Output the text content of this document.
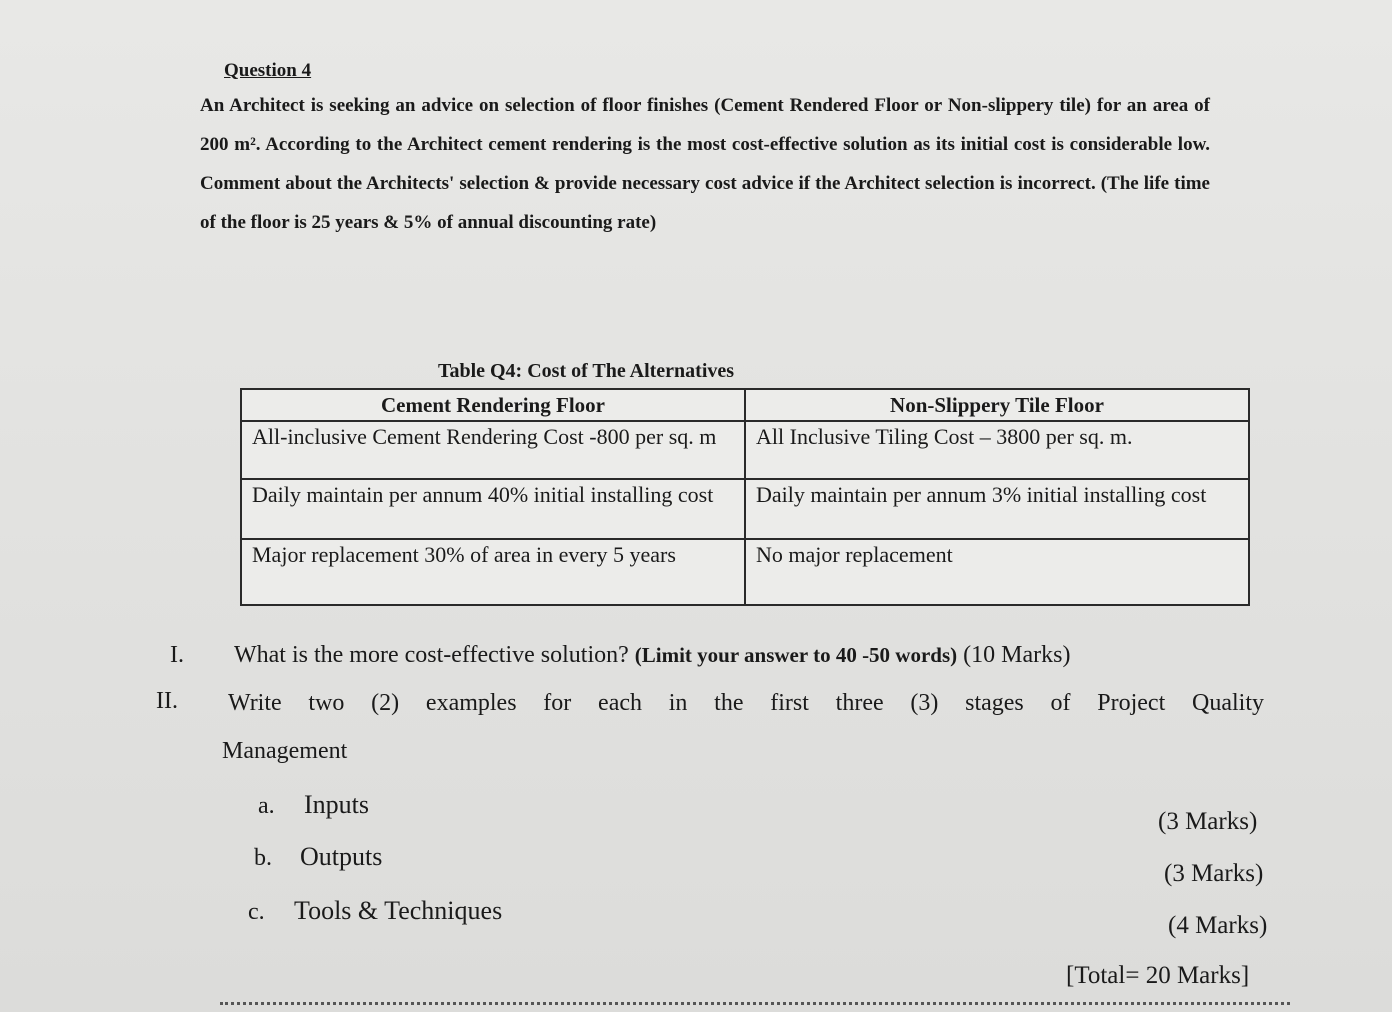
Question 4
An Architect is seeking an advice on selection of floor finishes (Cement Rendered Floor or Non-slippery tile) for an area of 200 m². According to the Architect cement rendering is the most cost-effective solution as its initial cost is considerable low. Comment about the Architects' selection & provide necessary cost advice if the Architect selection is incorrect. (The life time of the floor is 25 years & 5% of annual discounting rate)
Table Q4: Cost of The Alternatives
Cement Rendering Floor	Non-Slippery Tile Floor
All-inclusive Cement Rendering Cost -800 per sq. m	All Inclusive Tiling Cost – 3800 per sq. m.
Daily maintain per annum 40% initial installing cost	Daily maintain per annum 3% initial installing cost
Major replacement 30% of area in every 5 years	No major replacement
I. What is the more cost-effective solution? (Limit your answer to 40 -50 words) (10 Marks)
II. Write two (2) examples for each in the first three (3) stages of Project Quality
Management
a. Inputs
(3 Marks)
b. Outputs
(3 Marks)
c. Tools & Techniques
(4 Marks)
[Total= 20 Marks]
